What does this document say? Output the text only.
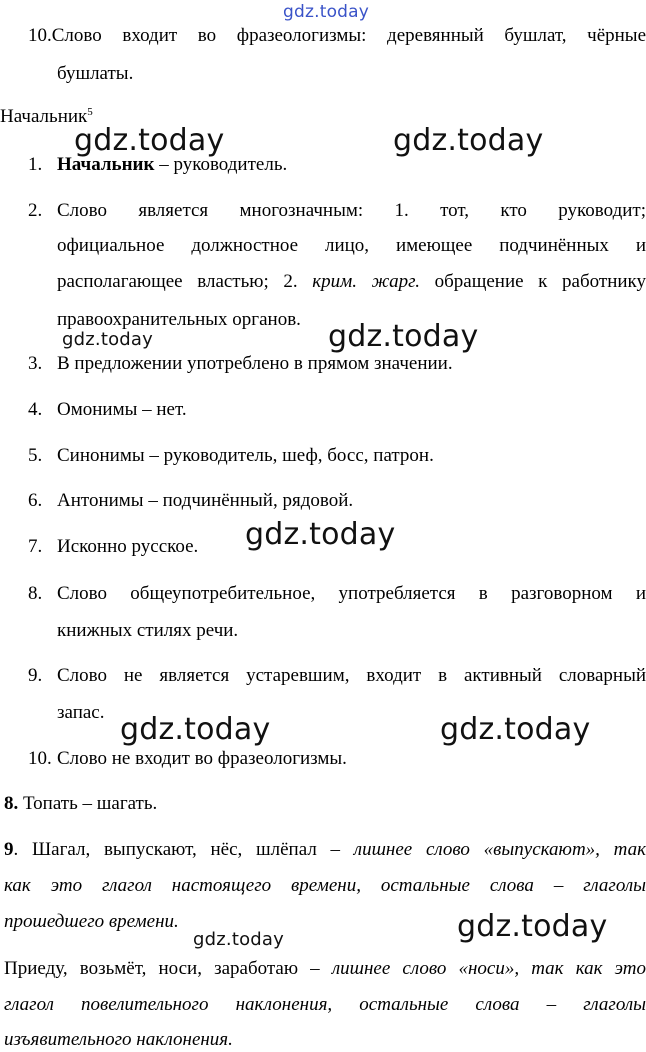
gdz.today
10.Слово входит во фразеологизмы: деревянный бушлат, чёрные
бушлаты.
Начальник$^5$
gdz.today	gdz.today
1. Начальник – руководитель.
2. Слово является многозначным: 1. тот, кто руководит;
официальное должностное лицо, имеющее подчинённых и
располагающее властью; 2. крим. жарг. обращение к работнику
правоохранительных органов.
gdz.today	gdz.today
3. В предложении употреблено в прямом значении.
4. Омонимы – нет.
5. Синонимы – руководитель, шеф, босс, патрон.
6. Антонимы – подчинённый, рядовой.
7. Исконно русское. gdz.today
8. Слово общеупотребительное, употребляется в разговорном и
книжных стилях речи.
9. Слово не является устаревшим, входит в активный словарный
запас. gdz.today	gdz.today
10. Слово не входит во фразеологизмы.
8. Топать – шагать.
9. Шагал, выпускают, нёс, шлёпал – лишнее слово «выпускают», так
как это глагол настоящего времени, остальные слова – глаголы
прошедшего времени.	gdz.today
gdz.today
Приеду, возьмёт, носи, заработаю – лишнее слово «носи», так как это
глагол повелительного наклонения, остальные слова – глаголы
изъявительного наклонения.
